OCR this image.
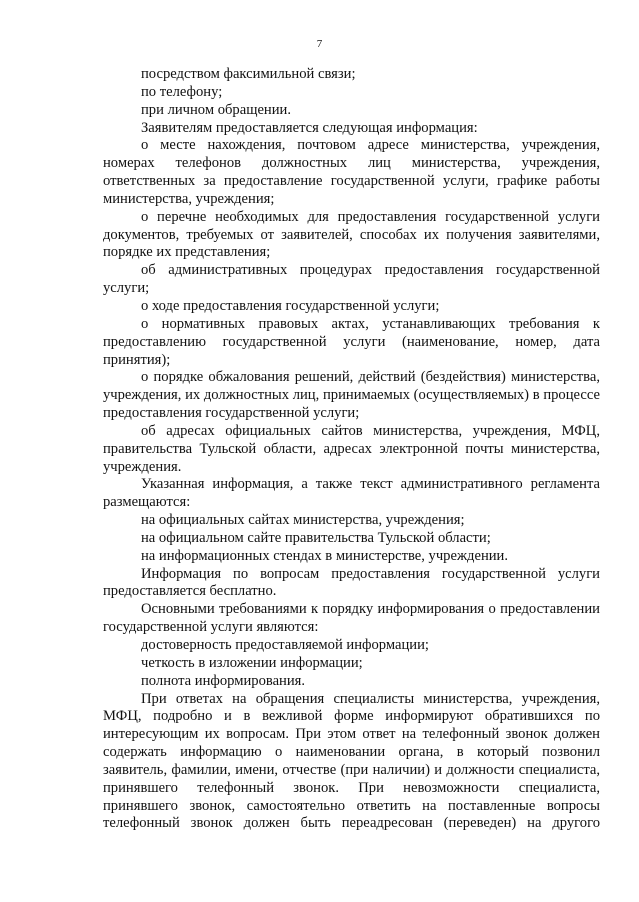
7

посредством факсимильной связи;

по телефону;

при личном обращении.

Заявителям предоставляется следующая информация:

о месте нахождения, почтовом адресе министерства, учреждения, номерах телефонов должностных лиц министерства, учреждения, ответственных за предоставление государственной услуги, графике работы министерства, учреждения;

о перечне необходимых для предоставления государственной услуги документов, требуемых от заявителей, способах их получения заявителями, порядке их представления;

об административных процедурах предоставления государственной услуги;

о ходе предоставления государственной услуги;

о нормативных правовых актах, устанавливающих требования к предоставлению государственной услуги (наименование, номер, дата принятия);

о порядке обжалования решений, действий (бездействия) министерства, учреждения, их должностных лиц, принимаемых (осуществляемых) в процессе предоставления государственной услуги;

об адресах официальных сайтов министерства, учреждения, МФЦ, правительства Тульской области, адресах электронной почты министерства, учреждения.

Указанная информация, а также текст административного регламента размещаются:

на официальных сайтах министерства, учреждения;

на официальном сайте правительства Тульской области;

на информационных стендах в министерстве, учреждении.

Информация по вопросам предоставления государственной услуги предоставляется бесплатно.

Основными требованиями к порядку информирования о предоставлении государственной услуги являются:

достоверность предоставляемой информации;

четкость в изложении информации;

полнота информирования.

При ответах на обращения специалисты министерства, учреждения, МФЦ, подробно и в вежливой форме информируют обратившихся по интересующим их вопросам. При этом ответ на телефонный звонок должен содержать информацию о наименовании органа, в который позвонил заявитель, фамилии, имени, отчестве (при наличии) и должности специалиста, принявшего телефонный звонок. При невозможности специалиста, принявшего звонок, самостоятельно ответить на поставленные вопросы телефонный звонок должен быть переадресован (переведен) на другого
